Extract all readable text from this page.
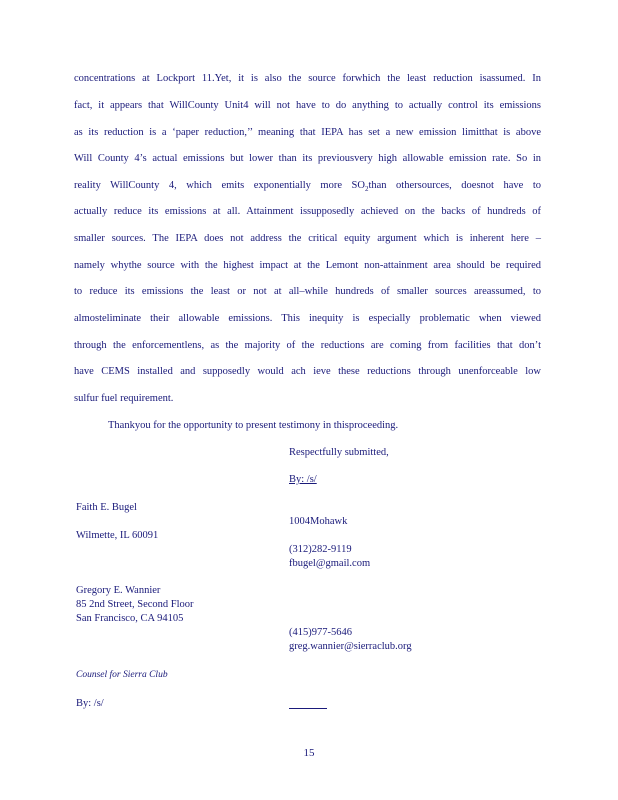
concentrations at Lockport 11.Yet, it is also the source forwhich the least reduction isassumed. In
fact, it appears that WillCounty Unit4 will not have to do anything to actually control its emissions
as its reduction is a ‘paper reduction,’’ meaning that IEPA has set a new emission limitthat is above
Will County 4’s actual emissions but lower than its previousvery high allowable emission rate. So in
reality WillCounty 4, which emits exponentially more $SO_2than$ othersources, doesnot have to
actually reduce its emissions at all. Attainment issupposedly achieved on the backs of hundreds of
smaller sources. The IEPA does not address the critical equity argument which is inherent here –
namely whythe source with the highest impact at the Lemont non-attainment area should be required
to reduce its emissions the least or not at all–while hundreds of smaller sources areassumed, to
almosteliminate their allowable emissions. This inequity is especially problematic when viewed
through the enforcementlens, as the majority of the reductions are coming from facilities that don’t
have CEMS installed and supposedly would ach ieve these reductions through unenforceable low
sulfur fuel requirement.
Thankyou for the opportunity to present testimony in thisproceeding.
Respectfully submitted,
By: /s/
Faith E. Bugel
1004Mohawk
Wilmette, IL 60091
(312)282-9119
fbugel@gmail.com
Gregory E. Wannier
85 2nd Street, Second Floor
San Francisco, CA 94105
(415)977-5646
greg.wannier@sierraclub.org
Counsel for Sierra Club
By: /s/
15
